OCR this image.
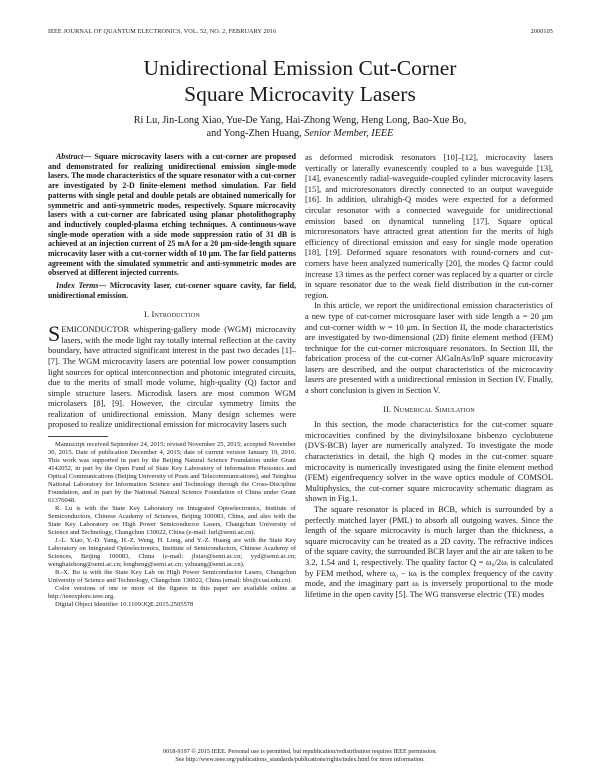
IEEE JOURNAL OF QUANTUM ELECTRONICS, VOL. 52, NO. 2, FEBRUARY 2016	2000105
Unidirectional Emission Cut-Corner
Square Microcavity Lasers
Ri Lu, Jin-Long Xiao, Yue-De Yang, Hai-Zhong Weng, Heng Long, Bao-Xue Bo,
and Yong-Zhen Huang, Senior Member, IEEE

Abstract— Square microcavity lasers with a cut-corner are proposed and demonstrated for realizing unidirectional emission single-mode lasers. The mode characteristics of the square resonator with a cut-corner are investigated by 2-D finite-element method simulation. Far field patterns with single petal and double petals are obtained numerically for symmetric and anti-symmetric modes, respectively. Square microcavity lasers with a cut-corner are fabricated using planar photolithography and inductively coupled-plasma etching techniques. A continuous-wave single-mode operation with a side mode suppression ratio of 31 dB is achieved at an injection current of 25 mA for a 20 μm-side-length square microcavity laser with a cut-corner width of 10 μm. The far field patterns agreement with the simulated symmetric and anti-symmetric modes are observed at different injected currents.

Index Terms— Microcavity laser, cut-corner square cavity, far field, unidirectional emission.

I. Introduction

SEMICONDUCTOR whispering-gallery mode (WGM) microcavity lasers, with the mode light ray totally internal reflection at the cavity boundary, have attracted significant interest in the past two decades [1]–[7]. The WGM microcavity lasers are potential low power consumption light sources for optical interconnection and photonic integrated circuits, due to the merits of small mode volume, high-quality (Q) factor and simple structure lasers. Microdisk lasers are most common WGM microlasers [8], [9]. However, the circular symmetry limits the realization of unidirectional emission. Many design schemes were proposed to realize unidirectional emission for microcavity lasers such

Manuscript received September 24, 2015; revised November 25, 2015; accepted November 30, 2015. Date of publication December 4, 2015; date of current version January 19, 2016. This work was supported in part by the Beijing Natural Science Foundation under Grant 4142052, in part by the Open Fund of State Key Laboratory of Information Photonics and Optical Communications (Beijing University of Posts and Telecommunications), and Tsinghua National Laboratory for Information Science and Technology through the Cross-Discipline Foundation, and in part by the National Natural Science Foundation of China under Grant 61376048.

R. Lu is with the State Key Laboratory on Integrated Optoelectronics, Institute of Semiconductors, Chinese Academy of Sciences, Beijing 100083, China, and also with the State Key Laboratory on High Power Semiconductor Lasers, Changchun University of Science and Technology, Changchun 130022, China (e-mail: lurl@semi.ac.cn).

J.-L. Xiao, Y.-D. Yang, H.-Z. Weng, H. Long, and Y.-Z. Huang are with the State Key Laboratory on Integrated Optoelectronics, Institute of Semiconductors, Chinese Academy of Sciences, Beijing 100083, China (e-mail: jlxiao@semi.ac.cn; yyd@semi.ac.cn; wenghaizhong@semi.ac.cn; longheng@semi.ac.cn; yzhuang@semi.ac.cn).

B.-X. Bo is with the State Key Lab on High Power Semiconductor Lasers, Changchun University of Science and Technology, Changchun 130022, China (email: bbx@cust.edu.cn).

Color versions of one or more of the figures in this paper are available online at http://ieeexplore.ieee.org.

Digital Object Identifier 10.1109/JQE.2015.2505578

as deformed microdisk resonators [10]–[12], microcavity lasers vertically or laterally evanescently coupled to a bus waveguide [13], [14], evanescently radial-waveguide-coupled cylinder microcavity lasers [15], and microresonators directly connected to an output waveguide [16]. In addition, ultrahigh-Q modes were expected for a deformed circular resonator with a connected waveguide for unidirectional emission based on dynamical tunneling [17]. Square optical microresonators have attracted great attention for the merits of high efficiency of directional emission and easy for single mode operation [18], [19]. Deformed square resonators with round-corners and cut-corners have been analyzed numerically [20], the modes Q factor could increase 13 times as the perfect corner was replaced by a quarter or circle in square resonator due to the weak field distribution in the cut-corner region.

In this article, we report the unidirectional emission characteristics of a new type of cut-corner microsquare laser with side length a = 20 μm and cut-corner width w = 10 μm. In Section II, the mode characteristics are investigated by two-dimensional (2D) finite element method (FEM) technique for the cut-corner microsquare resonators. In Section III, the fabrication process of the cut-corner AlGaInAs/InP square microcavity lasers are described, and the output characteristics of the microcavity lasers are presented with a unidirectional emission in Section IV. Finally, a short conclusion is given in Section V.

II. Numerical Simulation

In this section, the mode characteristics for the cut-corner square microcavities confined by the divinylsiloxane bisbenzo cyclobutene (DVS-BCB) layer are numerically analyzed. To investigate the mode characteristics in detail, the high Q modes in the cut-corner square microcavity is numerically investigated using the finite element method (FEM) eigenfrequency solver in the wave optics module of COMSOL Multiphysics, the cut-corner square microcavity schematic diagram as shown in Fig.1.

The square resonator is placed in BCB, which is surrounded by a perfectly matched layer (PML) to absorb all outgoing waves. Since the length of the square microcavity is much larger than the thickness, a square microcavity can be treated as a 2D cavity. The refractive indices of the square cavity, the surrounded BCB layer and the air are taken to be 3.2, 1.54 and 1, respectively. The quality factor Q = ω₀/2ωᵢ is calculated by FEM method, where ω₀ − iωᵢ is the complex frequency of the cavity mode, and the imaginary part ωᵢ is inversely proportional to the mode lifetime in the open cavity [5]. The WG transverse electric (TE) modes

0018-9197 © 2015 IEEE. Personal use is permitted, but republication/redistribution requires IEEE permission.
See http://www.ieee.org/publications_standards/publications/rights/index.html for more information.
